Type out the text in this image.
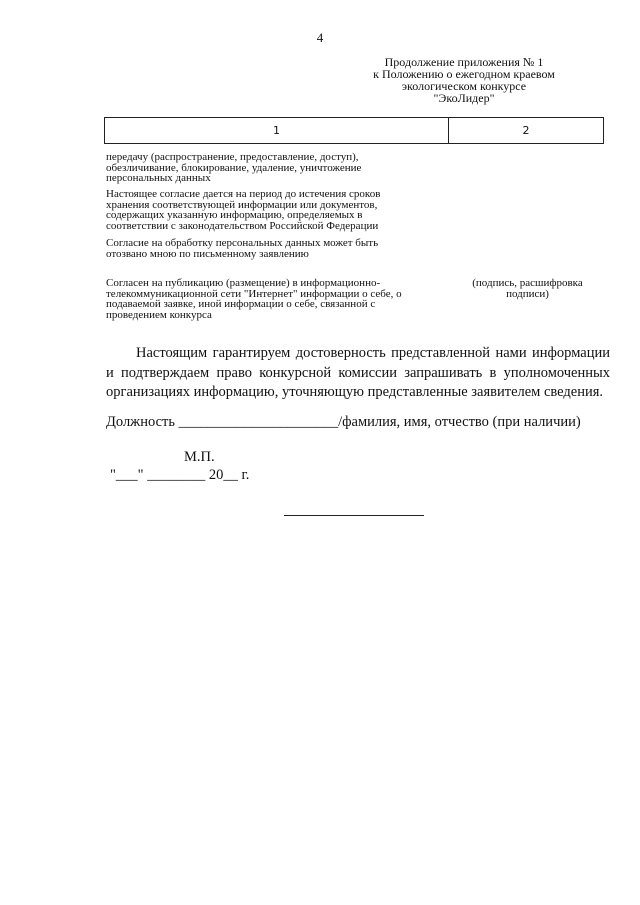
4
Продолжение приложения № 1
к Положению о ежегодном краевом
экологическом конкурсе
"ЭкоЛидер"
1	2
передачу (распространение, предоставление, доступ),
обезличивание, блокирование, удаление, уничтожение
персональных данных
Настоящее согласие дается на период до истечения сроков
хранения соответствующей информации или документов,
содержащих указанную информацию, определяемых в
соответствии с законодательством Российской Федерации
Согласие на обработку персональных данных может быть
отозвано мною по письменному заявлению
Согласен на публикацию (размещение) в информационно-
телекоммуникационной сети "Интернет" информации о себе, о
подаваемой заявке, иной информации о себе, связанной с
проведением конкурса
(подпись, расшифровка подписи)
Настоящим гарантируем достоверность представленной нами информации и подтверждаем право конкурсной комиссии запрашивать в уполномоченных организациях информацию, уточняющую представленные заявителем сведения.
Должность ______________________/фамилия, имя, отчество (при наличии)
М.П.
"___" ________ 20__ г.
